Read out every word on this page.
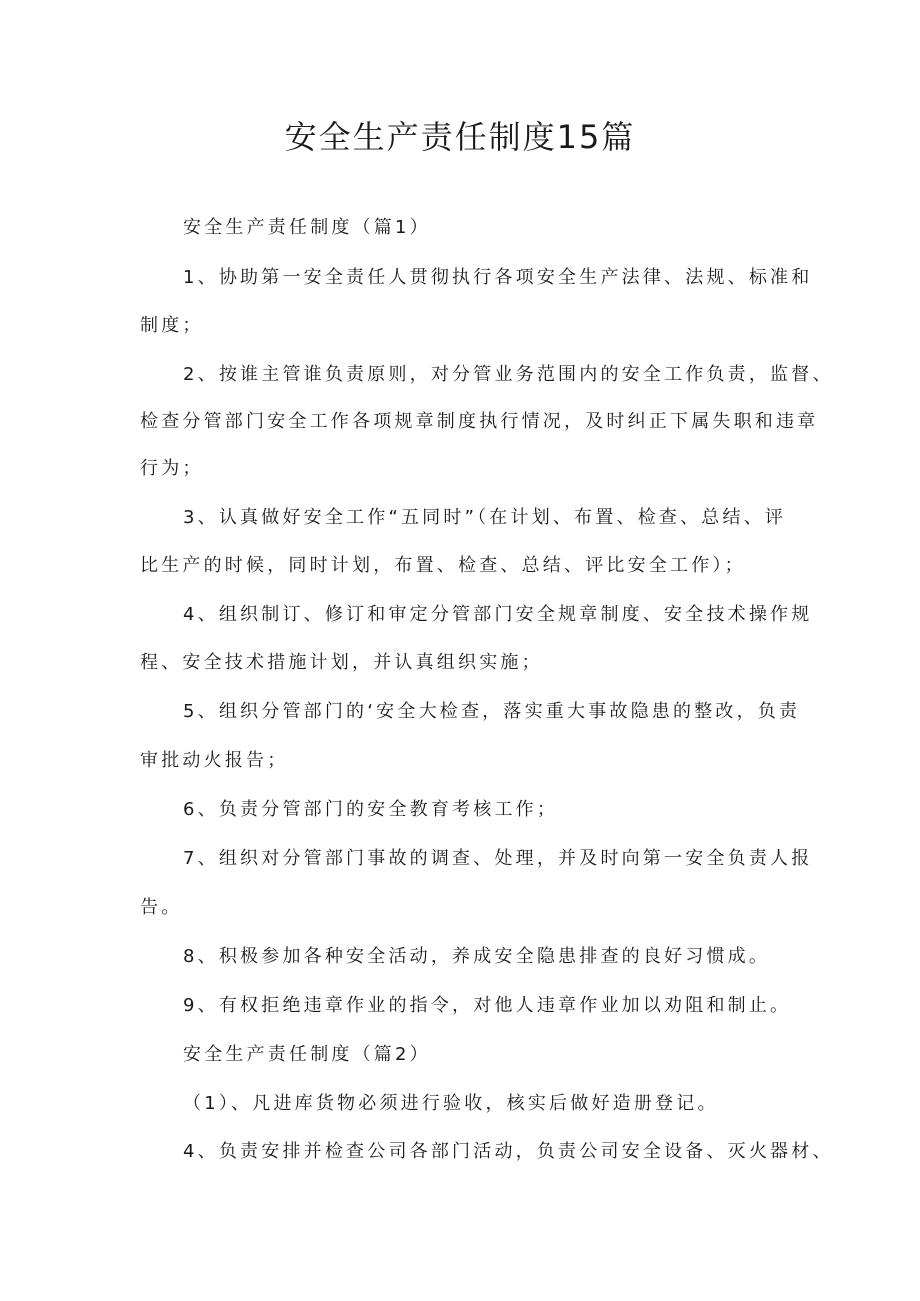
安全生产责任制度15篇
安全生产责任制度（篇1）
1、协助第一安全责任人贯彻执行各项安全生产法律、法规、标准和
制度；
2、按谁主管谁负责原则，对分管业务范围内的安全工作负责，监督、
检查分管部门安全工作各项规章制度执行情况，及时纠正下属失职和违章
行为；
3、认真做好安全工作“五同时”（在计划、布置、检查、总结、评
比生产的时候，同时计划，布置、检查、总结、评比安全工作）；
4、组织制订、修订和审定分管部门安全规章制度、安全技术操作规
程、安全技术措施计划，并认真组织实施；
5、组织分管部门的‘安全大检查，落实重大事故隐患的整改，负责
审批动火报告；
6、负责分管部门的安全教育考核工作；
7、组织对分管部门事故的调查、处理，并及时向第一安全负责人报
告。
8、积极参加各种安全活动，养成安全隐患排查的良好习惯成。
9、有权拒绝违章作业的指令，对他人违章作业加以劝阻和制止。
安全生产责任制度（篇2）
（1）、凡进库货物必须进行验收，核实后做好造册登记。
4、负责安排并检查公司各部门活动，负责公司安全设备、灭火器材、
